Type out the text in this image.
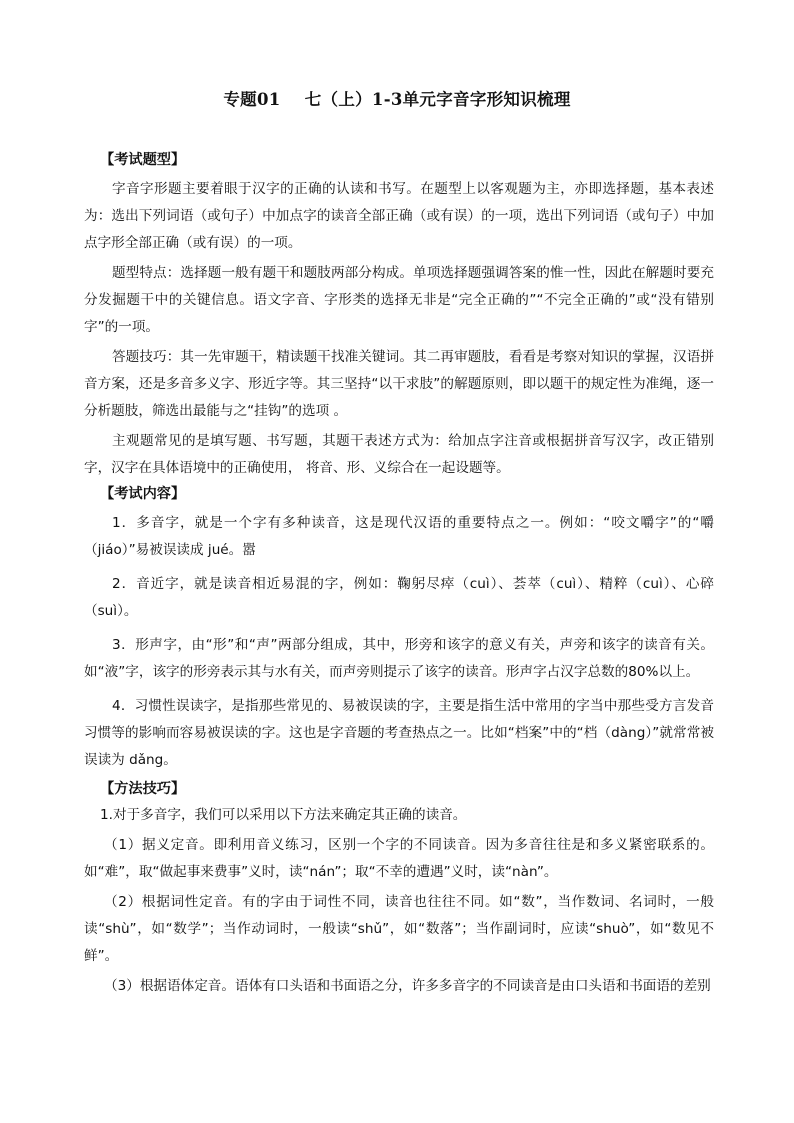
专题01    七（上）1-3单元字音字形知识梳理
【考试题型】

字音字形题主要着眼于汉字的正确的认读和书写。在题型上以客观题为主，亦即选择题，基本表述为：选出下列词语（或句子）中加点字的读音全部正确（或有误）的一项，选出下列词语（或句子）中加点字形全部正确（或有误）的一项。

题型特点：选择题一般有题干和题肢两部分构成。单项选择题强调答案的惟一性，因此在解题时要充分发掘题干中的关键信息。语文字音、字形类的选择无非是“完全正确的”“不完全正确的”或“没有错别字”的一项。

答题技巧：其一先审题干，精读题干找准关键词。其二再审题肢，看看是考察对知识的掌握，汉语拼音方案，还是多音多义字、形近字等。其三坚持“以干求肢”的解题原则，即以题干的规定性为准绳，逐一分析题肢，筛选出最能与之“挂钩”的选项 。

主观题常见的是填写题、书写题，其题干表述方式为：给加点字注音或根据拼音写汉字，改正错别字，汉字在具体语境中的正确使用， 将音、形、义综合在一起设题等。

【考试内容】

1．多音字，就是一个字有多种读音，这是现代汉语的重要特点之一。例如：“咬文嚼字”的“嚼（jiáo）”易被误读成 jué。嚣

2．音近字，就是读音相近易混的字，例如：鞠躬尽瘁（cuì）、荟萃（cuì）、精粹（cuì）、心碎（suì）。

3．形声字，由“形”和“声”两部分组成，其中，形旁和该字的意义有关，声旁和该字的读音有关。如“液”字，该字的形旁表示其与水有关，而声旁则提示了该字的读音。形声字占汉字总数的80%以上。

4．习惯性误读字，是指那些常见的、易被误读的字，主要是指生活中常用的字当中那些受方言发音习惯等的影响而容易被误读的字。这也是字音题的考查热点之一。比如“档案”中的“档（dàng）”就常常被误读为 dǎng。

【方法技巧】

1.对于多音字，我们可以采用以下方法来确定其正确的读音。

（1）据义定音。即利用音义练习，区别一个字的不同读音。因为多音往往是和多义紧密联系的。如“难”，取“做起事来费事”义时，读“nán”；取“不幸的遭遇”义时，读“nàn”。

（2）根据词性定音。有的字由于词性不同，读音也往往不同。如“数”，当作数词、名词时，一般读“shù”，如“数学”；当作动词时，一般读“shǔ”，如“数落”；当作副词时，应读“shuò”，如“数见不鲜”。

（3）根据语体定音。语体有口头语和书面语之分，许多多音字的不同读音是由口头语和书面语的差别
